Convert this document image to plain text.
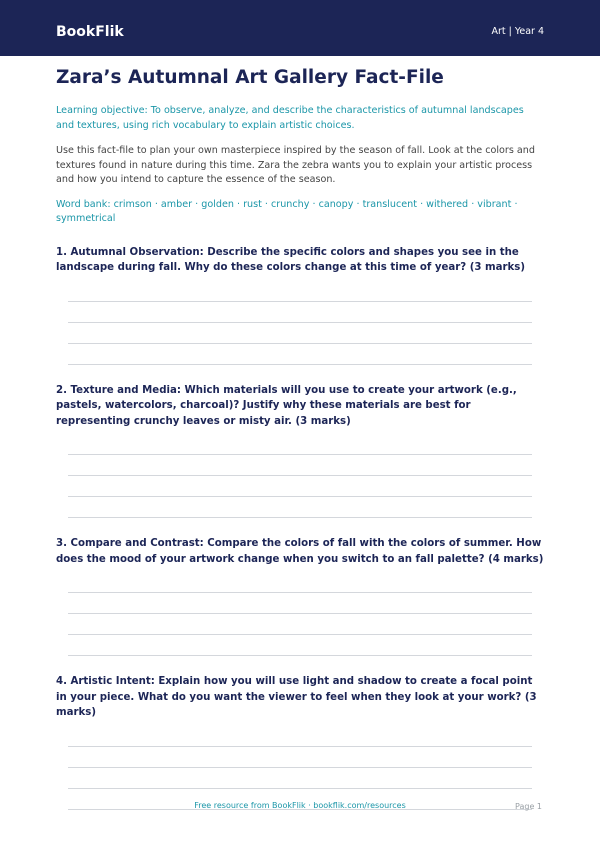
BookFlik	Art | Year 4
Zara’s Autumnal Art Gallery Fact-File

Learning objective: To observe, analyze, and describe the characteristics of autumnal landscapes and textures, using rich vocabulary to explain artistic choices.

Use this fact-file to plan your own masterpiece inspired by the season of fall. Look at the colors and textures found in nature during this time. Zara the zebra wants you to explain your artistic process and how you intend to capture the essence of the season.

Word bank: crimson · amber · golden · rust · crunchy · canopy · translucent · withered · vibrant · symmetrical

1. Autumnal Observation: Describe the specific colors and shapes you see in the landscape during fall. Why do these colors change at this time of year? (3 marks)

2. Texture and Media: Which materials will you use to create your artwork (e.g., pastels, watercolors, charcoal)? Justify why these materials are best for representing crunchy leaves or misty air. (3 marks)

3. Compare and Contrast: Compare the colors of fall with the colors of summer. How does the mood of your artwork change when you switch to an fall palette? (4 marks)

4. Artistic Intent: Explain how you will use light and shadow to create a focal point in your piece. What do you want the viewer to feel when they look at your work? (3 marks)

Free resource from BookFlik · bookflik.com/resources	Page 1
